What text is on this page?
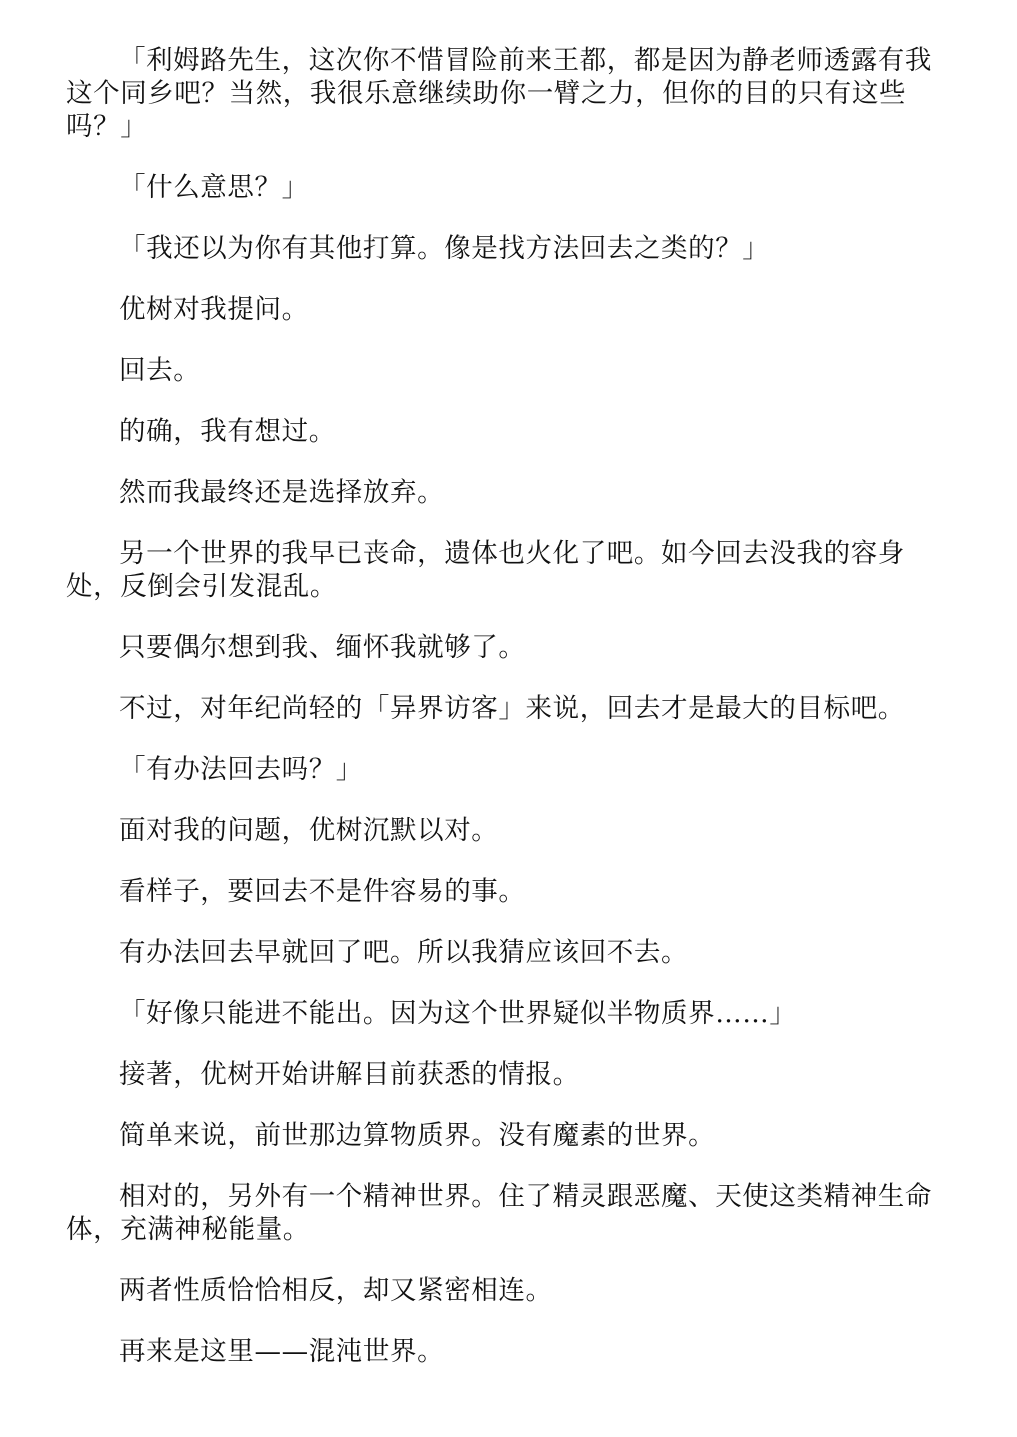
「利姆路先生，这次你不惜冒险前来王都，都是因为静老师透露有我这个同乡吧？当然，我很乐意继续助你一臂之力，但你的目的只有这些吗？」

「什么意思？」

「我还以为你有其他打算。像是找方法回去之类的？」

优树对我提问。

回去。

的确，我有想过。

然而我最终还是选择放弃。

另一个世界的我早已丧命，遗体也火化了吧。如今回去没我的容身处，反倒会引发混乱。

只要偶尔想到我、缅怀我就够了。

不过，对年纪尚轻的「异界访客」来说，回去才是最大的目标吧。

「有办法回去吗？」

面对我的问题，优树沉默以对。

看样子，要回去不是件容易的事。

有办法回去早就回了吧。所以我猜应该回不去。

「好像只能进不能出。因为这个世界疑似半物质界……」

接著，优树开始讲解目前获悉的情报。

简单来说，前世那边算物质界。没有魔素的世界。

相对的，另外有一个精神世界。住了精灵跟恶魔、天使这类精神生命体，充满神秘能量。

两者性质恰恰相反，却又紧密相连。

再来是这里——混沌世界。
